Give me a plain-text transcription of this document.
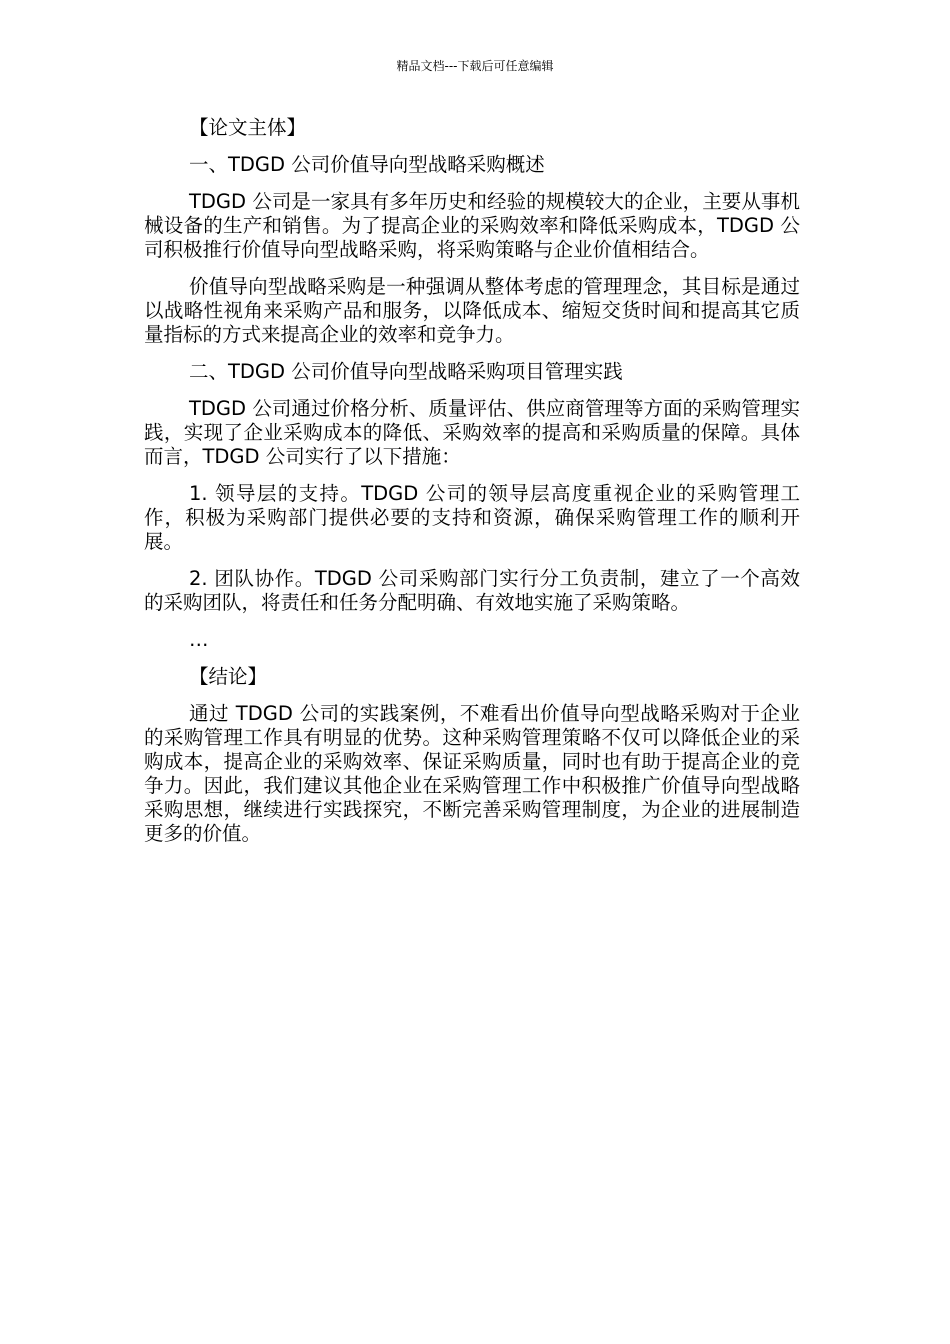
精品文档---下载后可任意编辑

【论文主体】

一、TDGD 公司价值导向型战略采购概述

TDGD 公司是一家具有多年历史和经验的规模较大的企业，主要从事机械设备的生产和销售。为了提高企业的采购效率和降低采购成本，TDGD 公司积极推行价值导向型战略采购，将采购策略与企业价值相结合。

价值导向型战略采购是一种强调从整体考虑的管理理念，其目标是通过以战略性视角来采购产品和服务，以降低成本、缩短交货时间和提高其它质量指标的方式来提高企业的效率和竞争力。

二、TDGD 公司价值导向型战略采购项目管理实践

TDGD 公司通过价格分析、质量评估、供应商管理等方面的采购管理实践，实现了企业采购成本的降低、采购效率的提高和采购质量的保障。具体而言，TDGD 公司实行了以下措施：

1. 领导层的支持。TDGD 公司的领导层高度重视企业的采购管理工作，积极为采购部门提供必要的支持和资源，确保采购管理工作的顺利开展。

2. 团队协作。TDGD 公司采购部门实行分工负责制，建立了一个高效的采购团队，将责任和任务分配明确、有效地实施了采购策略。

…

【结论】

通过 TDGD 公司的实践案例，不难看出价值导向型战略采购对于企业的采购管理工作具有明显的优势。这种采购管理策略不仅可以降低企业的采购成本，提高企业的采购效率、保证采购质量，同时也有助于提高企业的竞争力。因此，我们建议其他企业在采购管理工作中积极推广价值导向型战略采购思想，继续进行实践探究，不断完善采购管理制度，为企业的进展制造更多的价值。
